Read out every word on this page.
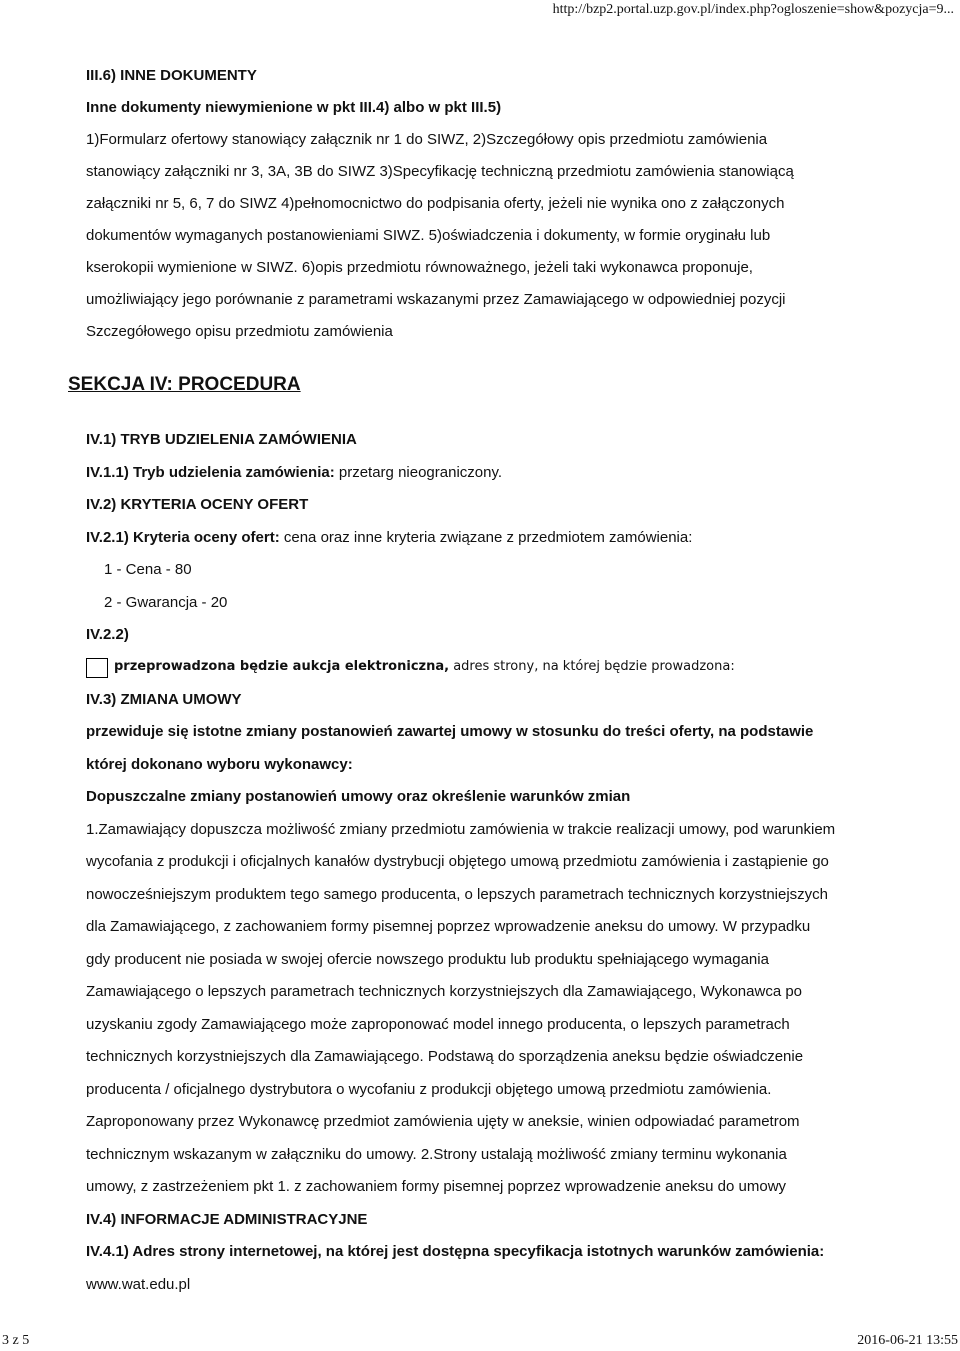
http://bzp2.portal.uzp.gov.pl/index.php?ogloszenie=show&pozycja=9...

III.6) INNE DOKUMENTY

Inne dokumenty niewymienione w pkt III.4) albo w pkt III.5)

1)Formularz ofertowy stanowiący załącznik nr 1 do SIWZ, 2)Szczegółowy opis przedmiotu zamówienia

stanowiący załączniki nr 3, 3A, 3B do SIWZ 3)Specyfikację techniczną przedmiotu zamówienia stanowiącą

załączniki nr 5, 6, 7 do SIWZ 4)pełnomocnictwo do podpisania oferty, jeżeli nie wynika ono z załączonych

dokumentów wymaganych postanowieniami SIWZ. 5)oświadczenia i dokumenty, w formie oryginału lub

kserokopii wymienione w SIWZ. 6)opis przedmiotu równoważnego, jeżeli taki wykonawca proponuje,

umożliwiający jego porównanie z parametrami wskazanymi przez Zamawiającego w odpowiedniej pozycji

Szczegółowego opisu przedmiotu zamówienia

SEKCJA IV: PROCEDURA

IV.1) TRYB UDZIELENIA ZAMÓWIENIA

IV.1.1) Tryb udzielenia zamówienia: przetarg nieograniczony.

IV.2) KRYTERIA OCENY OFERT

IV.2.1) Kryteria oceny ofert: cena oraz inne kryteria związane z przedmiotem zamówienia:

1 - Cena - 80

2 - Gwarancja - 20

IV.2.2)

przeprowadzona będzie aukcja elektroniczna, adres strony, na której będzie prowadzona:

IV.3) ZMIANA UMOWY

przewiduje się istotne zmiany postanowień zawartej umowy w stosunku do treści oferty, na podstawie

której dokonano wyboru wykonawcy:

Dopuszczalne zmiany postanowień umowy oraz określenie warunków zmian

1.Zamawiający dopuszcza możliwość zmiany przedmiotu zamówienia w trakcie realizacji umowy, pod warunkiem

wycofania z produkcji i oficjalnych kanałów dystrybucji objętego umową przedmiotu zamówienia i zastąpienie go

nowocześniejszym produktem tego samego producenta, o lepszych parametrach technicznych korzystniejszych

dla Zamawiającego, z zachowaniem formy pisemnej poprzez wprowadzenie aneksu do umowy. W przypadku

gdy producent nie posiada w swojej ofercie nowszego produktu lub produktu spełniającego wymagania

Zamawiającego o lepszych parametrach technicznych korzystniejszych dla Zamawiającego, Wykonawca po

uzyskaniu zgody Zamawiającego może zaproponować model innego producenta, o lepszych parametrach

technicznych korzystniejszych dla Zamawiającego. Podstawą do sporządzenia aneksu będzie oświadczenie

producenta / oficjalnego dystrybutora o wycofaniu z produkcji objętego umową przedmiotu zamówienia.

Zaproponowany przez Wykonawcę przedmiot zamówienia ujęty w aneksie, winien odpowiadać parametrom

technicznym wskazanym w załączniku do umowy. 2.Strony ustalają możliwość zmiany terminu wykonania

umowy, z zastrzeżeniem pkt 1. z zachowaniem formy pisemnej poprzez wprowadzenie aneksu do umowy

IV.4) INFORMACJE ADMINISTRACYJNE

IV.4.1) Adres strony internetowej, na której jest dostępna specyfikacja istotnych warunków zamówienia:

www.wat.edu.pl

3 z 5	2016-06-21 13:55
